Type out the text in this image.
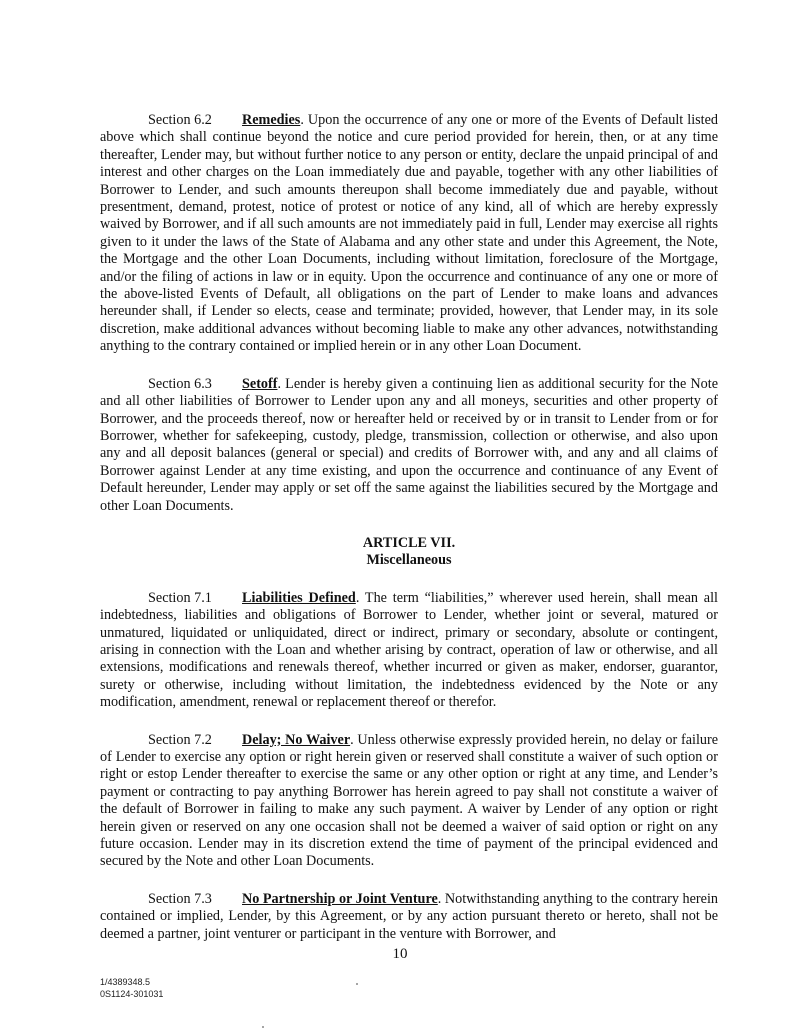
Section 6.2 Remedies. Upon the occurrence of any one or more of the Events of Default listed above which shall continue beyond the notice and cure period provided for herein, then, or at any time thereafter, Lender may, but without further notice to any person or entity, declare the unpaid principal of and interest and other charges on the Loan immediately due and payable, together with any other liabilities of Borrower to Lender, and such amounts thereupon shall become immediately due and payable, without presentment, demand, protest, notice of protest or notice of any kind, all of which are hereby expressly waived by Borrower, and if all such amounts are not immediately paid in full, Lender may exercise all rights given to it under the laws of the State of Alabama and any other state and under this Agreement, the Note, the Mortgage and the other Loan Documents, including without limitation, foreclosure of the Mortgage, and/or the filing of actions in law or in equity. Upon the occurrence and continuance of any one or more of the above-listed Events of Default, all obligations on the part of Lender to make loans and advances hereunder shall, if Lender so elects, cease and terminate; provided, however, that Lender may, in its sole discretion, make additional advances without becoming liable to make any other advances, notwithstanding anything to the contrary contained or implied herein or in any other Loan Document.

Section 6.3 Setoff. Lender is hereby given a continuing lien as additional security for the Note and all other liabilities of Borrower to Lender upon any and all moneys, securities and other property of Borrower, and the proceeds thereof, now or hereafter held or received by or in transit to Lender from or for Borrower, whether for safekeeping, custody, pledge, transmission, collection or otherwise, and also upon any and all deposit balances (general or special) and credits of Borrower with, and any and all claims of Borrower against Lender at any time existing, and upon the occurrence and continuance of any Event of Default hereunder, Lender may apply or set off the same against the liabilities secured by the Mortgage and other Loan Documents.

ARTICLE VII.

Miscellaneous

Section 7.1 Liabilities Defined. The term “liabilities,” wherever used herein, shall mean all indebtedness, liabilities and obligations of Borrower to Lender, whether joint or several, matured or unmatured, liquidated or unliquidated, direct or indirect, primary or secondary, absolute or contingent, arising in connection with the Loan and whether arising by contract, operation of law or otherwise, and all extensions, modifications and renewals thereof, whether incurred or given as maker, endorser, guarantor, surety or otherwise, including without limitation, the indebtedness evidenced by the Note or any modification, amendment, renewal or replacement thereof or therefor.

Section 7.2 Delay; No Waiver. Unless otherwise expressly provided herein, no delay or failure of Lender to exercise any option or right herein given or reserved shall constitute a waiver of such option or right or estop Lender thereafter to exercise the same or any other option or right at any time, and Lender’s payment or contracting to pay anything Borrower has herein agreed to pay shall not constitute a waiver of the default of Borrower in failing to make any such payment. A waiver by Lender of any option or right herein given or reserved on any one occasion shall not be deemed a waiver of said option or right on any future occasion. Lender may in its discretion extend the time of payment of the principal evidenced and secured by the Note and other Loan Documents.

Section 7.3 No Partnership or Joint Venture. Notwithstanding anything to the contrary herein contained or implied, Lender, by this Agreement, or by any action pursuant thereto or hereto, shall not be deemed a partner, joint venturer or participant in the venture with Borrower, and

10
1/4389348.5
0S1124-301031
